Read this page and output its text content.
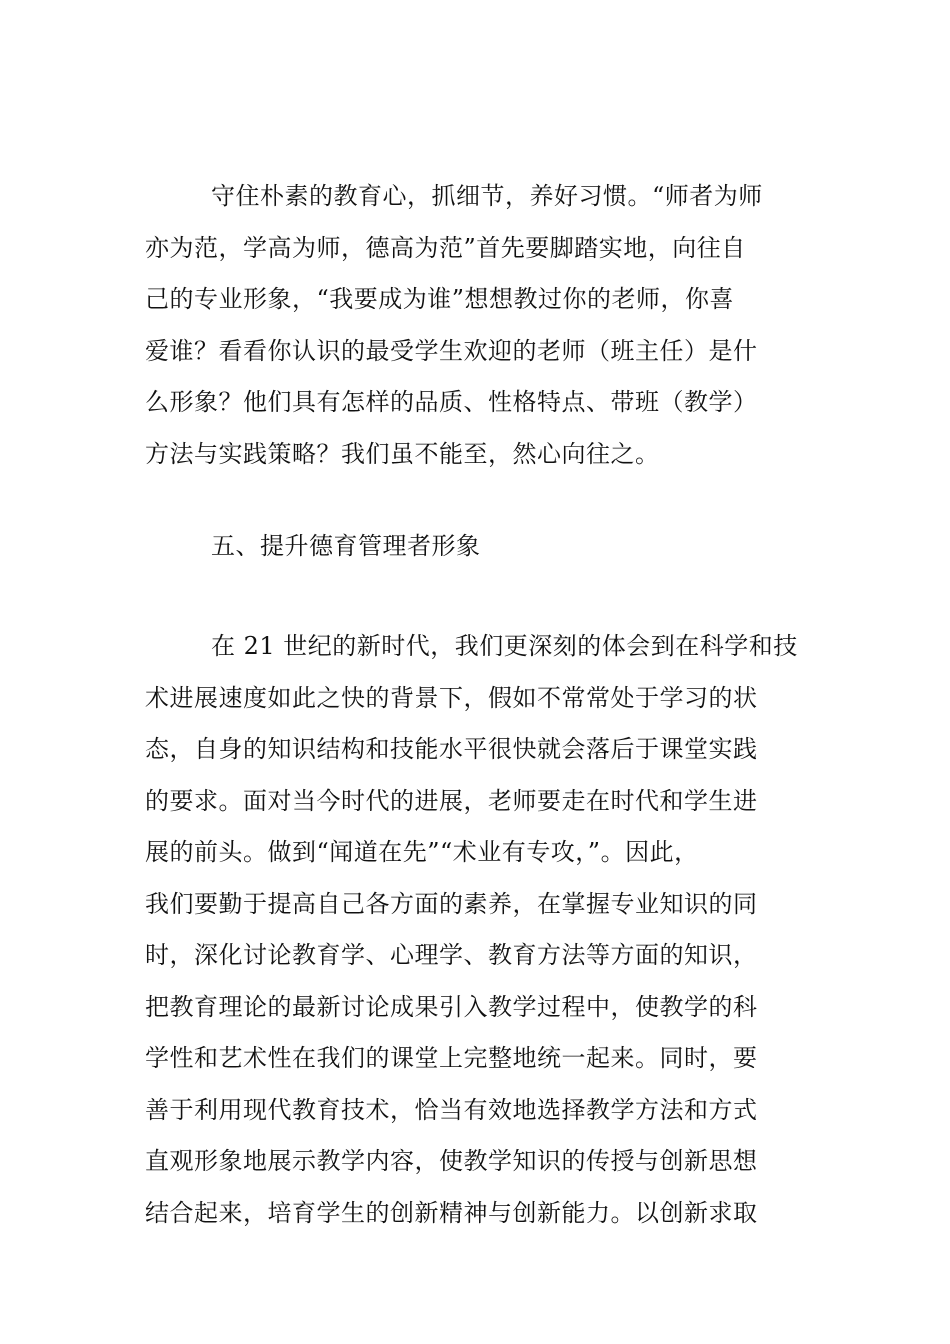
守住朴素的教育心，抓细节，养好习惯。“师者为师
亦为范，学高为师，德高为范”首先要脚踏实地，向往自
己的专业形象，“我要成为谁”想想教过你的老师，你喜
爱谁？看看你认识的最受学生欢迎的老师（班主任）是什
么形象？他们具有怎样的品质、性格特点、带班（教学）
方法与实践策略？我们虽不能至，然心向往之。
五、提升德育管理者形象
在 21 世纪的新时代，我们更深刻的体会到在科学和技
术进展速度如此之快的背景下，假如不常常处于学习的状
态，自身的知识结构和技能水平很快就会落后于课堂实践
的要求。面对当今时代的进展，老师要走在时代和学生进
展的前头。做到“闻道在先”“术业有专攻，”。因此，
我们要勤于提高自己各方面的素养，在掌握专业知识的同
时，深化讨论教育学、心理学、教育方法等方面的知识，
把教育理论的最新讨论成果引入教学过程中，使教学的科
学性和艺术性在我们的课堂上完整地统一起来。同时，要
善于利用现代教育技术，恰当有效地选择教学方法和方式
直观形象地展示教学内容，使教学知识的传授与创新思想
结合起来，培育学生的创新精神与创新能力。以创新求取
